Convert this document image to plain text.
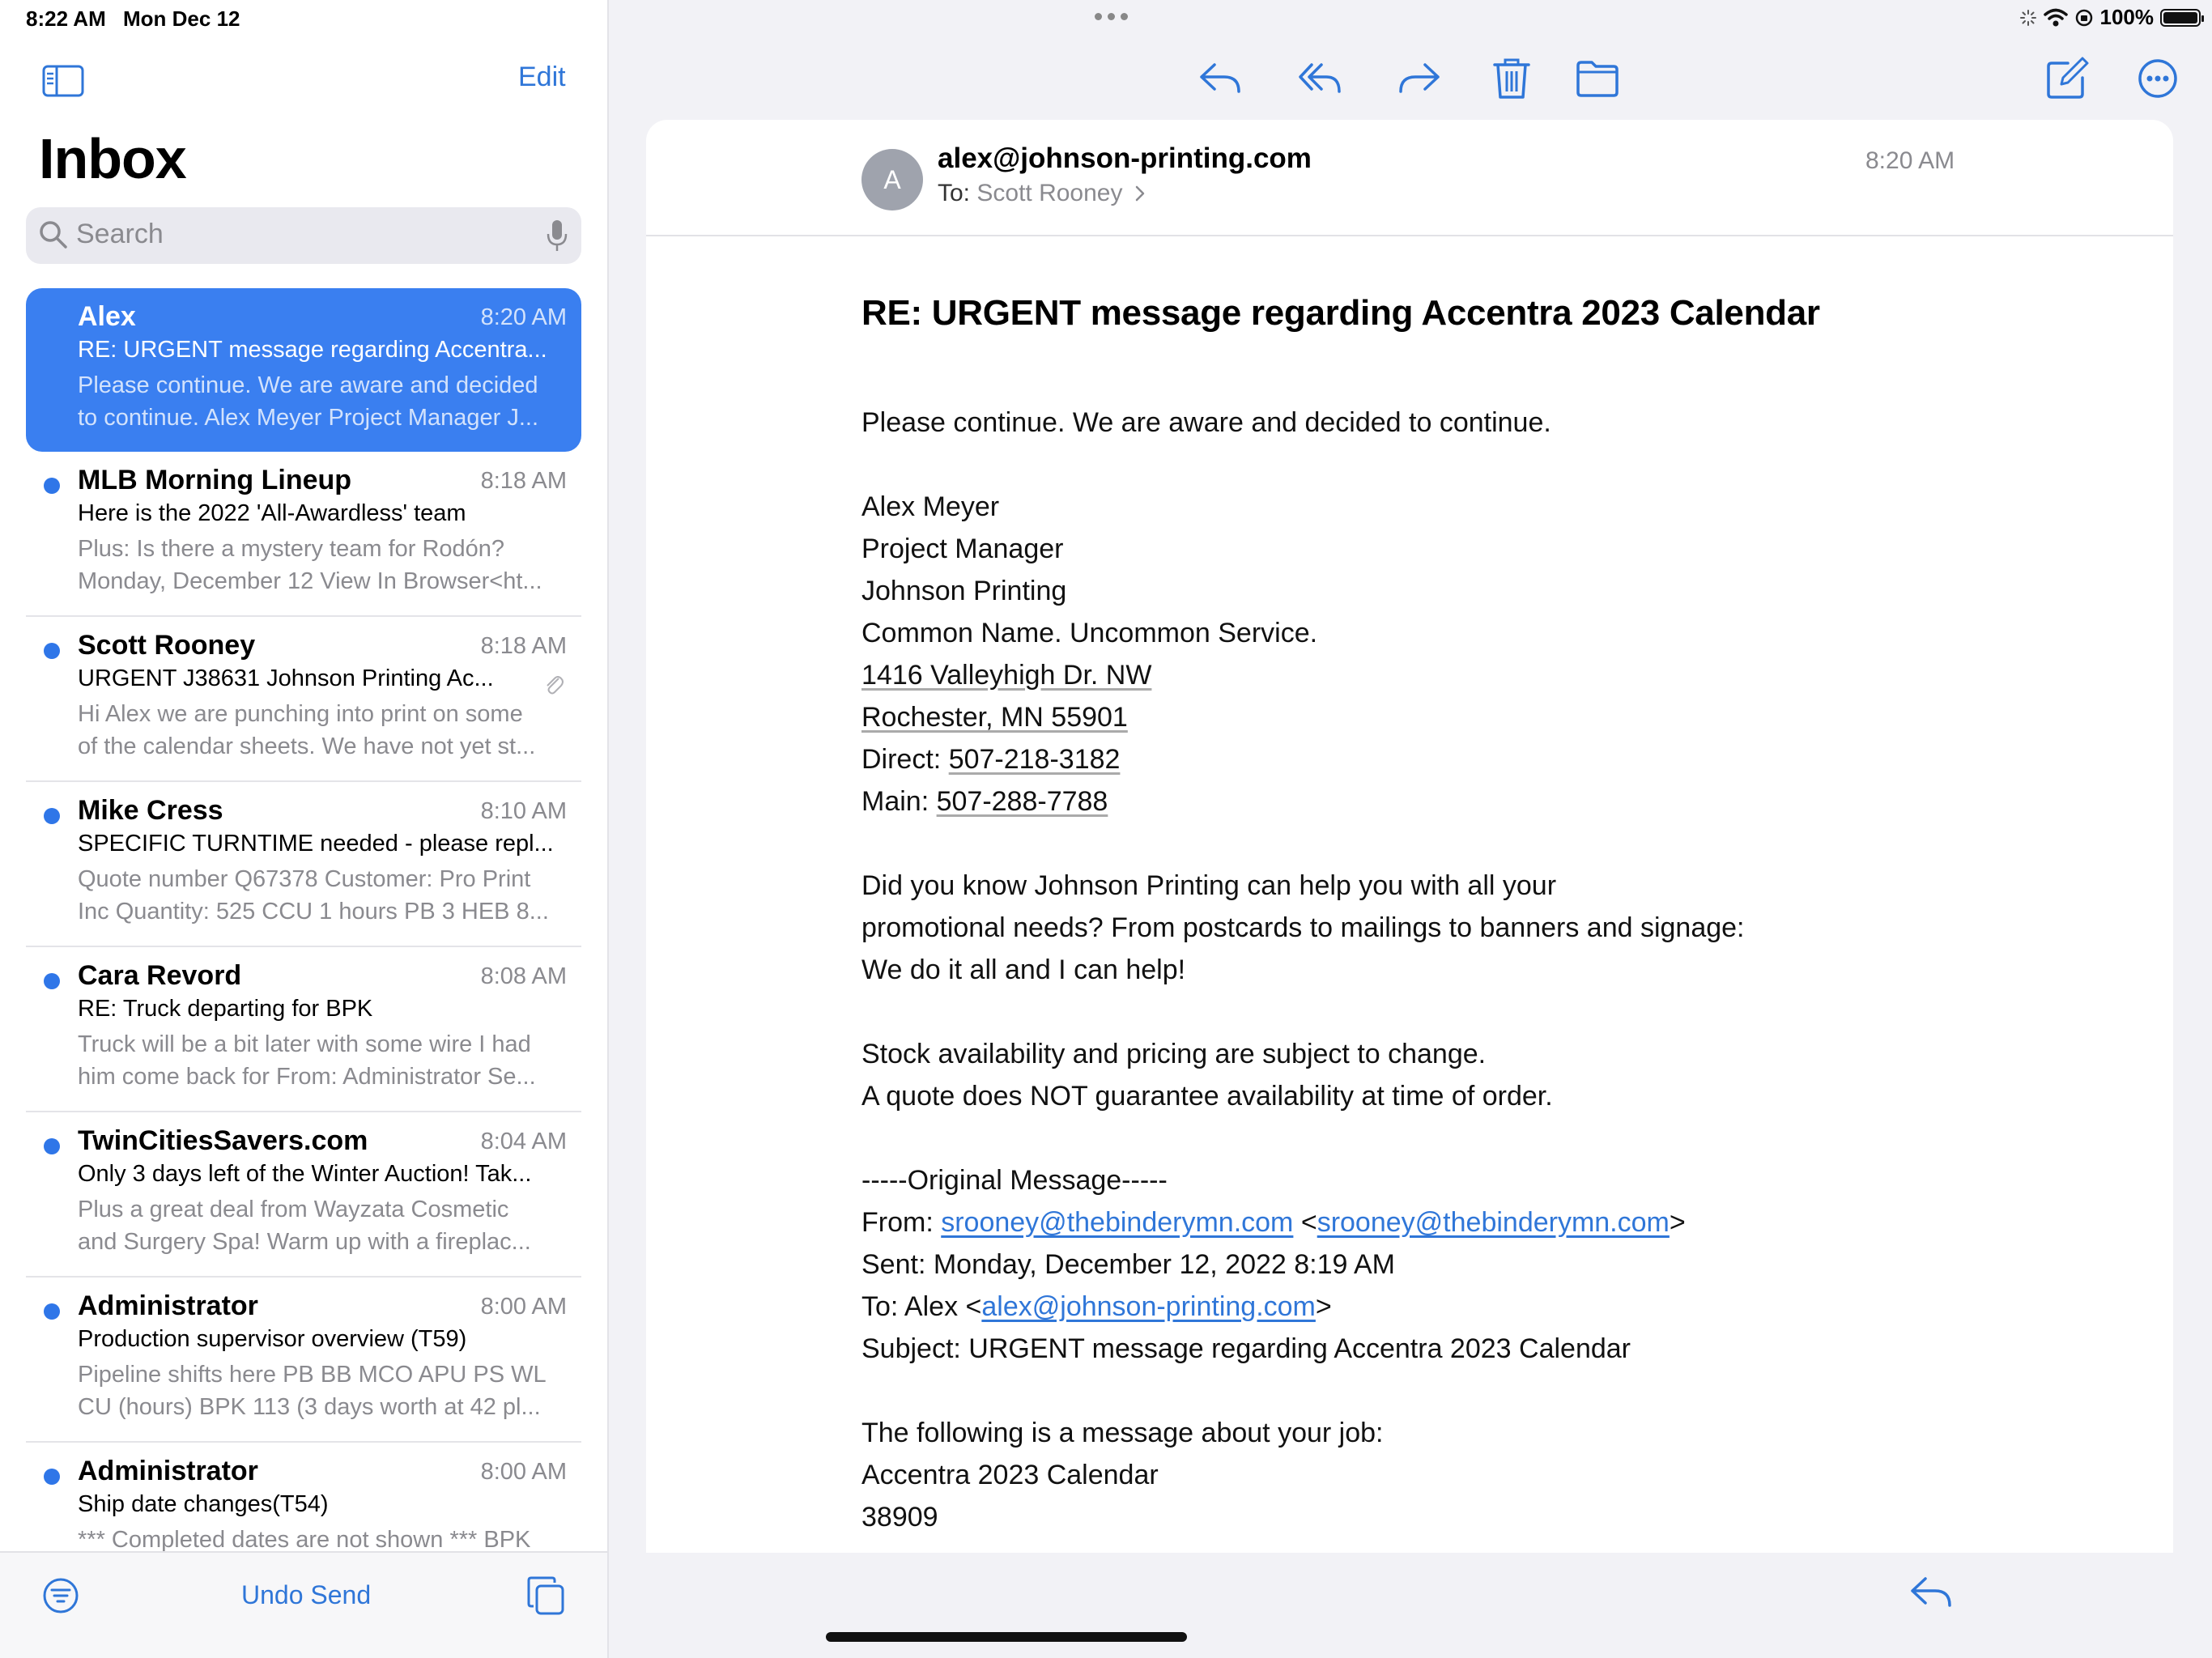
Edit
Inbox
Search
Alex	8:20 AM
RE: URGENT message regarding Accentra...
Please continue. We are aware and decided
to continue. Alex Meyer Project Manager J...
MLB Morning Lineup	8:18 AM
Here is the 2022 'All-Awardless' team
Plus: Is there a mystery team for Rodón?
Monday, December 12 View In Browser<ht...
Scott Rooney	8:18 AM
URGENT J38631 Johnson Printing Ac...
Hi Alex we are punching into print on some
of the calendar sheets. We have not yet st...
Mike Cress	8:10 AM
SPECIFIC TURNTIME needed - please repl...
Quote number Q67378 Customer: Pro Print
Inc Quantity: 525 CCU 1 hours PB 3 HEB 8...
Cara Revord	8:08 AM
RE: Truck departing for BPK
Truck will be a bit later with some wire I had
him come back for From: Administrator Se...
TwinCitiesSavers.com	8:04 AM
Only 3 days left of the Winter Auction! Tak...
Plus a great deal from Wayzata Cosmetic
and Surgery Spa! Warm up with a fireplac...
Administrator	8:00 AM
Production supervisor overview (T59)
Pipeline shifts here PB BB MCO APU PS WL
CU (hours) BPK 113 (3 days worth at 42 pl...
Administrator	8:00 AM
Ship date changes(T54)
*** Completed dates are not shown *** BPK
Undo Send
8:22 AM Mon Dec 12	100%
A
alex@johnson-printing.com
To: Scott Rooney
8:20 AM
RE: URGENT message regarding Accentra 2023 Calendar
Please continue. We are aware and decided to continue.
Alex Meyer
Project Manager
Johnson Printing
Common Name. Uncommon Service.
1416 Valleyhigh Dr. NW
Rochester, MN 55901
Direct: 507-218-3182
Main: 507-288-7788
Did you know Johnson Printing can help you with all your
promotional needs? From postcards to mailings to banners and signage:
We do it all and I can help!
Stock availability and pricing are subject to change.
A quote does NOT guarantee availability at time of order.
-----Original Message-----
From: srooney@thebinderymn.com <srooney@thebinderymn.com>
Sent: Monday, December 12, 2022 8:19 AM
To: Alex <alex@johnson-printing.com>
Subject: URGENT message regarding Accentra 2023 Calendar
The following is a message about your job:
Accentra 2023 Calendar
38909
